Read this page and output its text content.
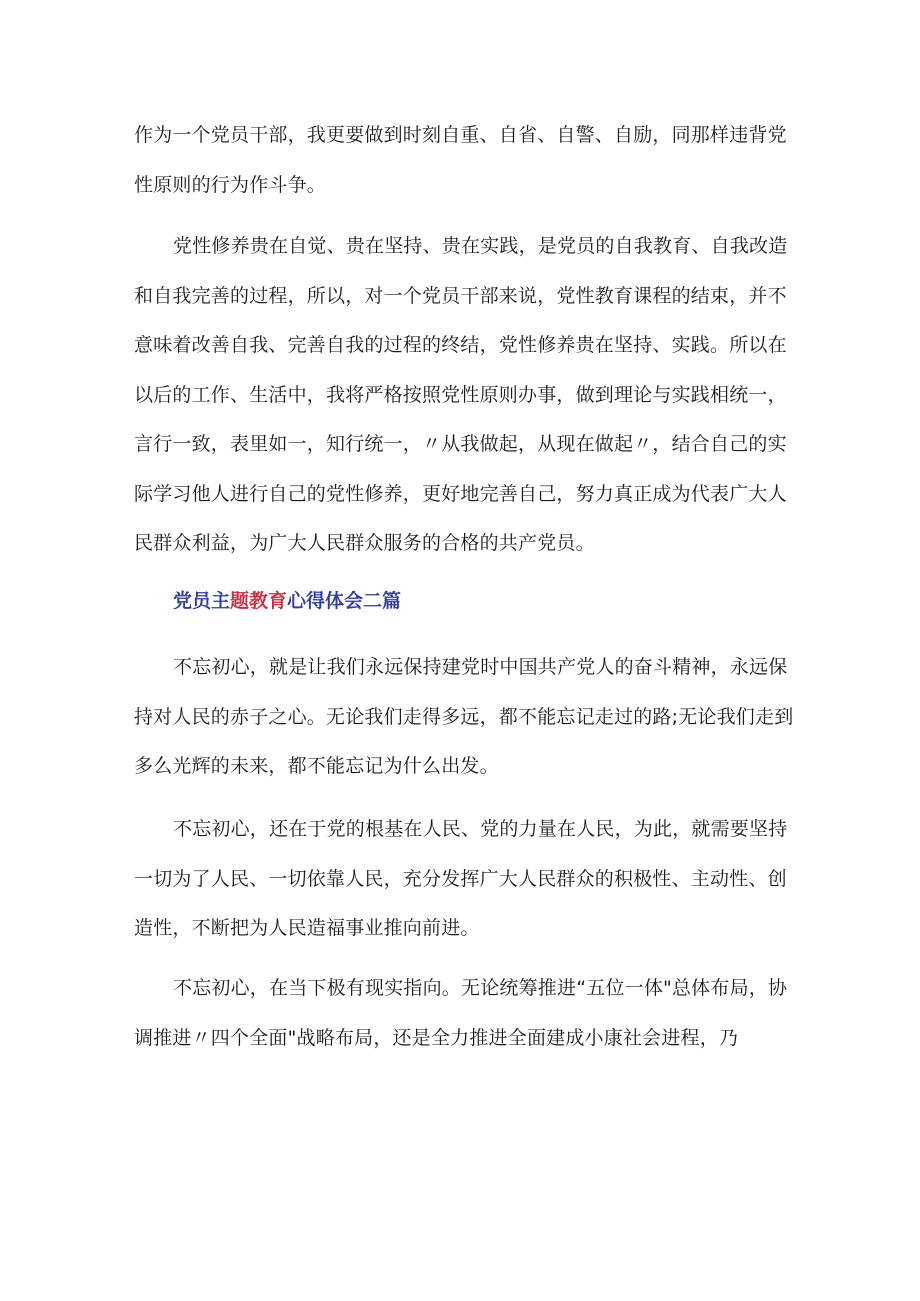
作为一个党员干部，我更要做到时刻自重、自省、自警、自励，同那样违背党性原则的行为作斗争。

党性修养贵在自觉、贵在坚持、贵在实践，是党员的自我教育、自我改造和自我完善的过程，所以，对一个党员干部来说，党性教育课程的结束，并不意味着改善自我、完善自我的过程的终结，党性修养贵在坚持、实践。所以在以后的工作、生活中，我将严格按照党性原则办事，做到理论与实践相统一，言行一致，表里如一，知行统一，〃从我做起，从现在做起〃，结合自己的实际学习他人进行自己的党性修养，更好地完善自己，努力真正成为代表广大人民群众利益，为广大人民群众服务的合格的共产党员。

党员主题教育心得体会二篇

不忘初心，就是让我们永远保持建党时中国共产党人的奋斗精神，永远保持对人民的赤子之心。无论我们走得多远，都不能忘记走过的路;无论我们走到多么光辉的未来，都不能忘记为什么出发。

不忘初心，还在于党的根基在人民、党的力量在人民，为此，就需要坚持一切为了人民、一切依靠人民，充分发挥广大人民群众的积极性、主动性、创造性，不断把为人民造福事业推向前进。

不忘初心，在当下极有现实指向。无论统筹推进“五位一体"总体布局，协调推进〃四个全面"战略布局，还是全力推进全面建成小康社会进程，乃
